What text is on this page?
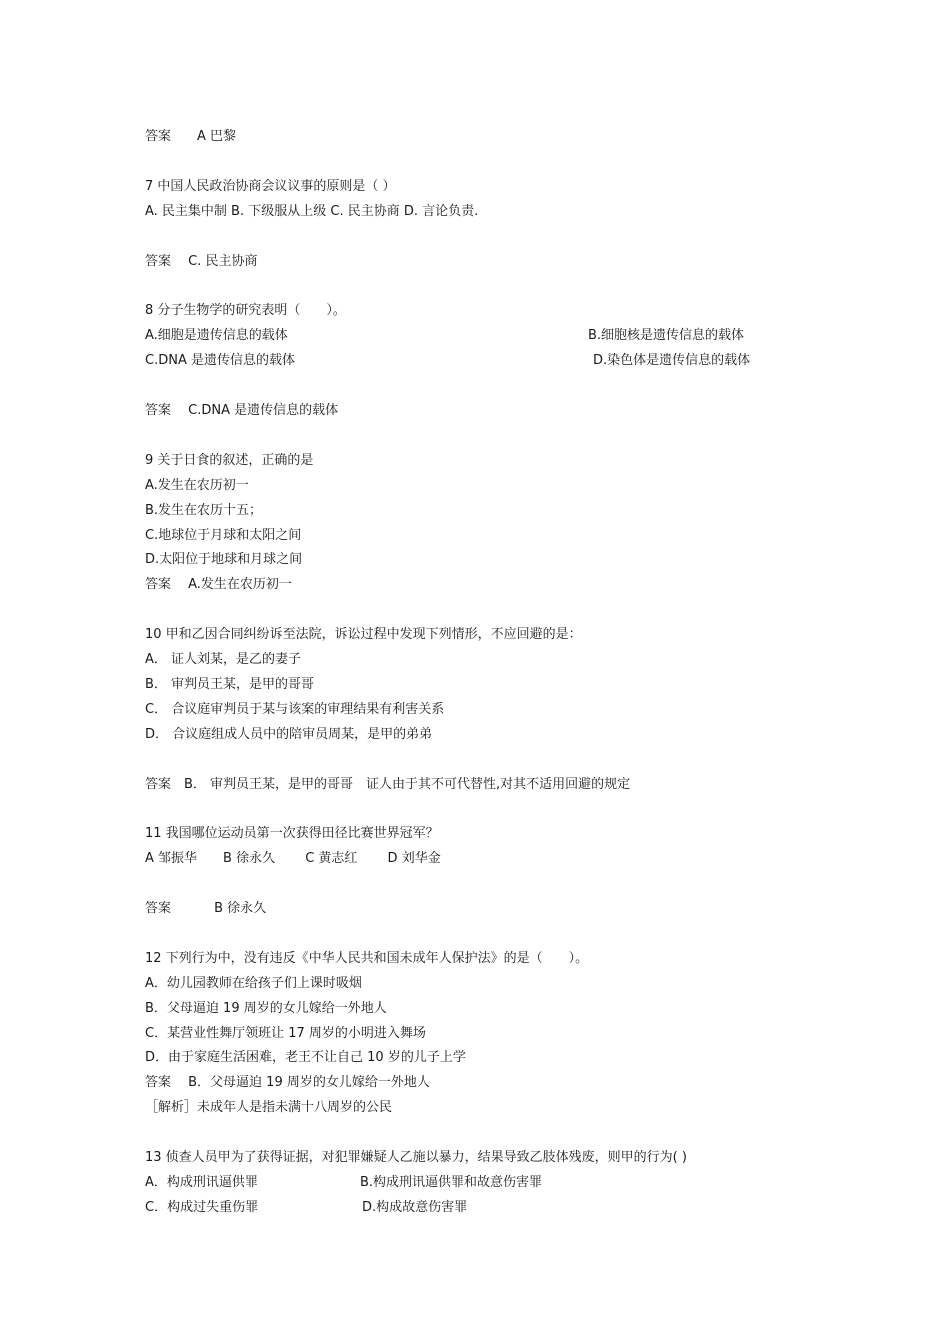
答案　　A 巴黎
7 中国人民政治协商会议议事的原则是（ ）
A. 民主集中制 B. 下级服从上级 C. 民主协商 D. 言论负责.
答案　 C. 民主协商
8 分子生物学的研究表明（　　）。
A.细胞是遗传信息的载体	B.细胞核是遗传信息的载体
C.DNA 是遗传信息的载体	D.染色体是遗传信息的载体
答案　 C.DNA 是遗传信息的载体
9 关于日食的叙述，正确的是
A.发生在农历初一
B.发生在农历十五；
C.地球位于月球和太阳之间
D.太阳位于地球和月球之间
答案　 A.发生在农历初一
10 甲和乙因合同纠纷诉至法院，诉讼过程中发现下列情形，不应回避的是：
A． 证人刘某，是乙的妻子
B． 审判员王某，是甲的哥哥
C． 合议庭审判员于某与该案的审理结果有利害关系
D． 合议庭组成人员中的陪审员周某，是甲的弟弟
答案　B． 审判员王某，是甲的哥哥　证人由于其不可代替性,对其不适用回避的规定
11 我国哪位运动员第一次获得田径比赛世界冠军？
A 邹振华　　B 徐永久　　 C 黄志红　　 D 刘华金
答案　　　 B 徐永久
12 下列行为中，没有违反《中华人民共和国未成年人保护法》的是（　　）。
A．幼儿园教师在给孩子们上课时吸烟
B．父母逼迫 19 周岁的女儿嫁给一外地人
C．某营业性舞厅领班让 17 周岁的小明进入舞场
D．由于家庭生活困难，老王不让自己 10 岁的儿子上学
答案　 B．父母逼迫 19 周岁的女儿嫁给一外地人
［解析］未成年人是指未满十八周岁的公民
13 侦查人员甲为了获得证据，对犯罪嫌疑人乙施以暴力，结果导致乙肢体残废，则甲的行为( )
A．构成刑讯逼供罪	B.构成刑讯逼供罪和故意伤害罪
C．构成过失重伤罪	D.构成故意伤害罪
